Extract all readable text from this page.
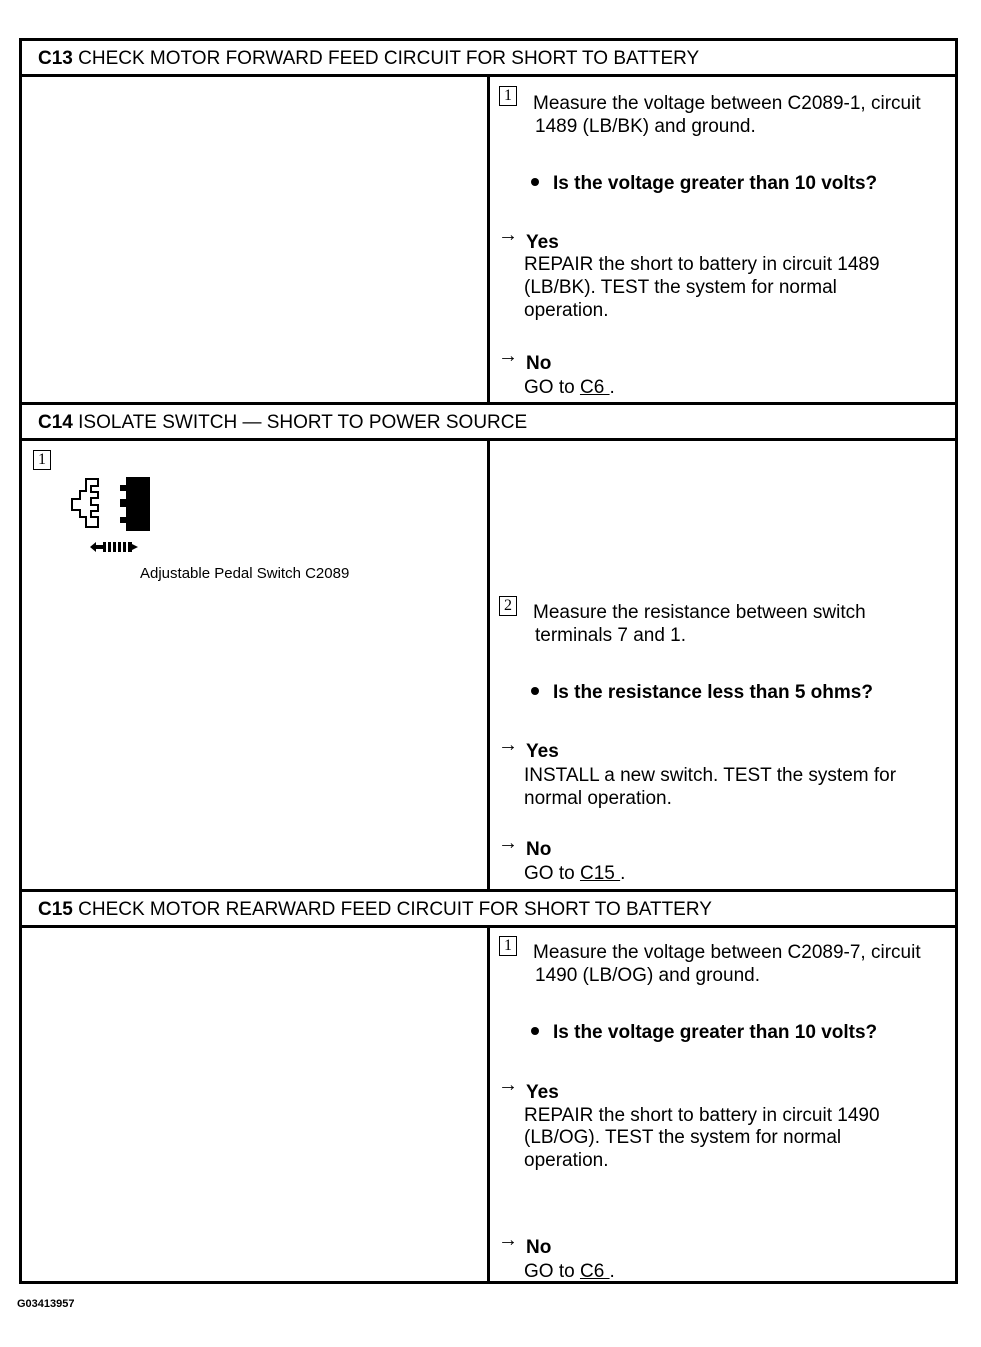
C13 CHECK MOTOR FORWARD FEED CIRCUIT FOR SHORT TO BATTERY
1 Measure the voltage between C2089-1, circuit
1489 (LB/BK) and ground.
Is the voltage greater than 10 volts?
→ Yes
REPAIR the short to battery in circuit 1489
(LB/BK). TEST the system for normal
operation.
→ No
GO to C6 .
C14 ISOLATE SWITCH — SHORT TO POWER SOURCE
1
Adjustable Pedal Switch C2089
2 Measure the resistance between switch
terminals 7 and 1.
Is the resistance less than 5 ohms?
→ Yes
INSTALL a new switch. TEST the system for
normal operation.
→ No
GO to C15 .
C15 CHECK MOTOR REARWARD FEED CIRCUIT FOR SHORT TO BATTERY
1 Measure the voltage between C2089-7, circuit
1490 (LB/OG) and ground.
Is the voltage greater than 10 volts?
→ Yes
REPAIR the short to battery in circuit 1490
(LB/OG). TEST the system for normal
operation.
→ No
GO to C6 .
G03413957
